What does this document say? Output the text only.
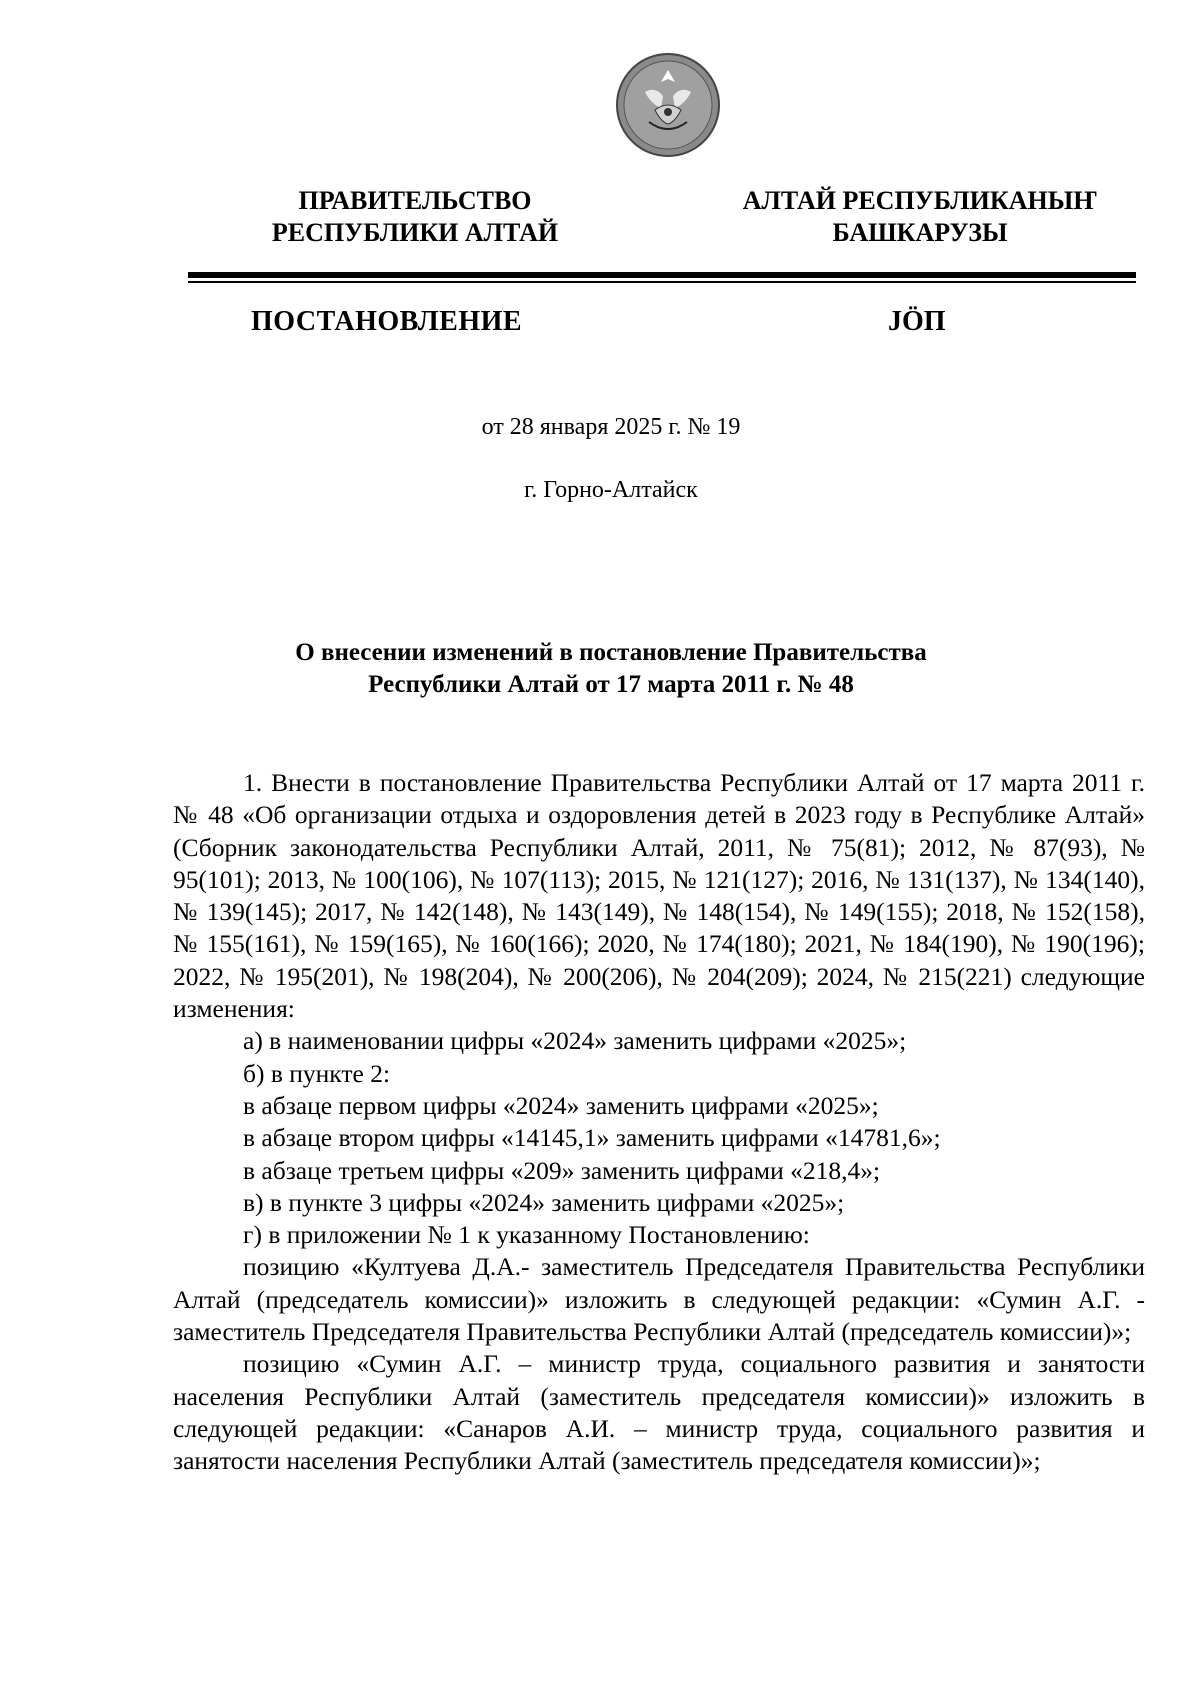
ПРАВИТЕЛЬСТВО
РЕСПУБЛИКИ АЛТАЙ
АЛТАЙ РЕСПУБЛИКАНЫҤ
БАШКАРУЗЫ
ПОСТАНОВЛЕНИЕ	JÖП
от 28 января 2025 г. № 19
г. Горно-Алтайск
О внесении изменений в постановление Правительства
Республики Алтай от 17 марта 2011 г. № 48

1. Внести в постановление Правительства Республики Алтай от 17 марта 2011 г. № 48 «Об организации отдыха и оздоровления детей в 2023 году в Республике Алтай» (Сборник законодательства Республики Алтай, 2011, № 75(81); 2012, № 87(93), № 95(101); 2013, № 100(106), № 107(113); 2015, № 121(127); 2016, № 131(137), № 134(140), № 139(145); 2017, № 142(148), № 143(149), № 148(154), № 149(155); 2018, № 152(158), № 155(161), № 159(165), № 160(166); 2020, № 174(180); 2021, № 184(190), № 190(196); 2022, № 195(201), № 198(204), № 200(206), № 204(209); 2024, № 215(221) следующие изменения:

а) в наименовании цифры «2024» заменить цифрами «2025»;

б) в пункте 2:

в абзаце первом цифры «2024» заменить цифрами «2025»;

в абзаце втором цифры «14145,1» заменить цифрами «14781,6»;

в абзаце третьем цифры «209» заменить цифрами «218,4»;

в) в пункте 3 цифры «2024» заменить цифрами «2025»;

г) в приложении № 1 к указанному Постановлению:

позицию «Култуева Д.А.- заместитель Председателя Правительства Республики Алтай (председатель комиссии)» изложить в следующей редакции: «Сумин А.Г. - заместитель Председателя Правительства Республики Алтай (председатель комиссии)»;

позицию «Сумин А.Г. – министр труда, социального развития и занятости населения Республики Алтай (заместитель председателя комиссии)» изложить в следующей редакции: «Санаров А.И. – министр труда, социального развития и занятости населения Республики Алтай (заместитель председателя комиссии)»;
